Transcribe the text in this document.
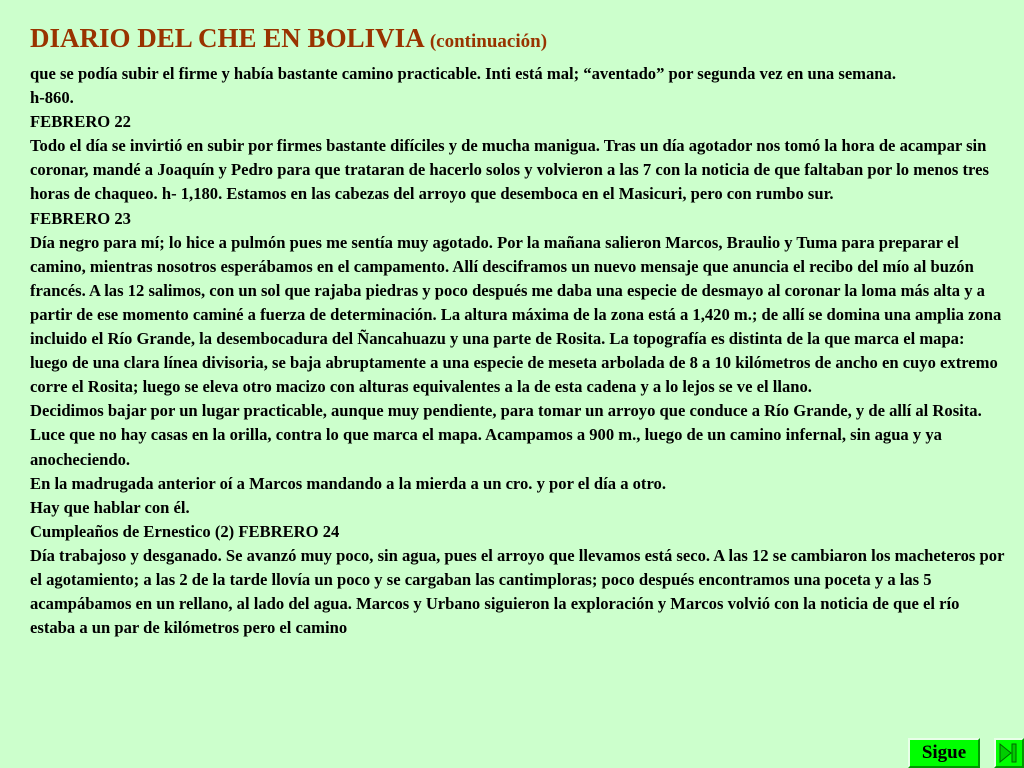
DIARIO DEL CHE EN BOLIVIA (continuación)

que se podía subir el firme y había bastante camino practicable. Inti está mal; “aventado” por segunda vez en una semana.

h-860.

FEBRERO 22

Todo el día se invirtió en subir por firmes bastante difíciles y de mucha manigua. Tras un día agotador nos tomó la hora de acampar sin coronar, mandé a Joaquín y Pedro para que trataran de hacerlo solos y volvieron a las 7 con la noticia de que faltaban por lo menos tres horas de chaqueo. h- 1,180. Estamos en las cabezas del arroyo que desemboca en el Masicuri, pero con rumbo sur.

FEBRERO 23

Día negro para mí; lo hice a pulmón pues me sentía muy agotado. Por la mañana salieron Marcos, Braulio y Tuma para preparar el camino, mientras nosotros esperábamos en el campamento. Allí desciframos un nuevo mensaje que anuncia el recibo del mío al buzón francés. A las 12 salimos, con un sol que rajaba piedras y poco después me daba una especie de desmayo al coronar la loma más alta y a partir de ese momento caminé a fuerza de determinación. La altura máxima de la zona está a 1,420 m.; de allí se domina una amplia zona incluido el Río Grande, la desembocadura del Ñancahuazu y una parte de Rosita. La topografía es distinta de la que marca el mapa: luego de una clara línea divisoria, se baja abruptamente a una especie de meseta arbolada de 8 a 10 kilómetros de ancho en cuyo extremo corre el Rosita; luego se eleva otro macizo con alturas equivalentes a la de esta cadena y a lo lejos se ve el llano.

Decidimos bajar por un lugar practicable, aunque muy pendiente, para tomar un arroyo que conduce a Río Grande, y de allí al Rosita. Luce que no hay casas en la orilla, contra lo que marca el mapa. Acampamos a 900 m., luego de un camino infernal, sin agua y ya anocheciendo.

En la madrugada anterior oí a Marcos mandando a la mierda a un cro. y por el día a otro.

Hay que hablar con él.

Cumpleaños de Ernestico (2) FEBRERO 24

Día trabajoso y desganado. Se avanzó muy poco, sin agua, pues el arroyo que llevamos está seco. A las 12 se cambiaron los macheteros por el agotamiento; a las 2 de la tarde llovía un poco y se cargaban las cantimploras; poco después encontramos una poceta y a las 5 acampábamos en un rellano, al lado del agua. Marcos y Urbano siguieron la exploración y Marcos volvió con la noticia de que el río estaba a un par de kilómetros pero el camino

Sigue
